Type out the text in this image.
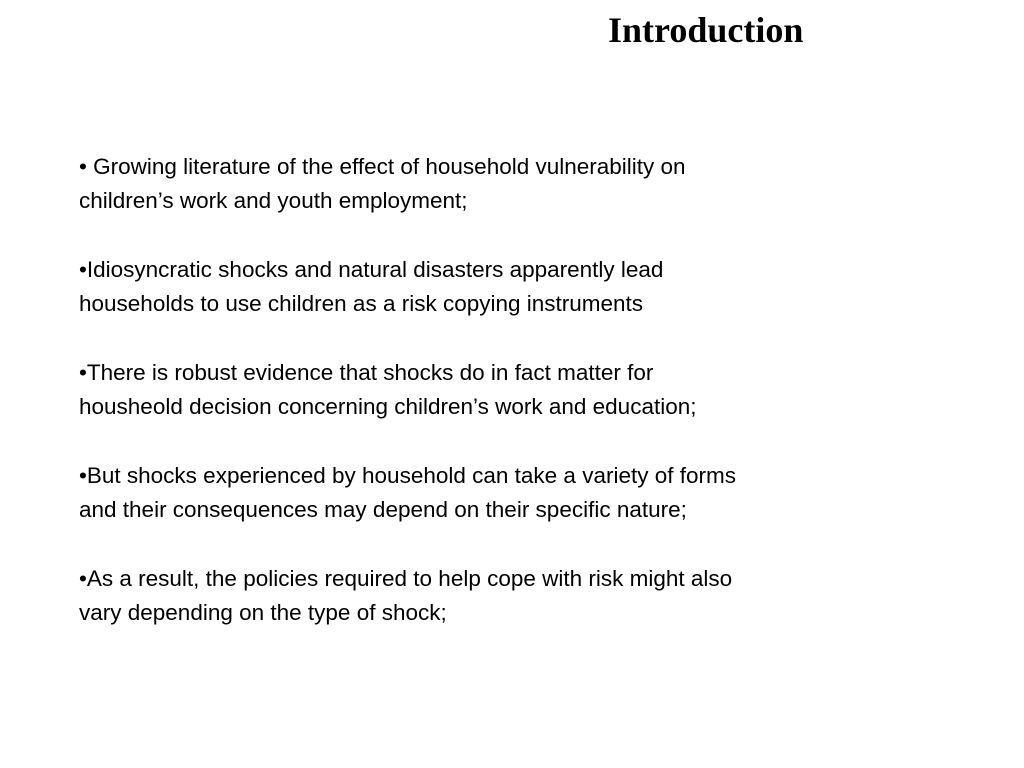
Introduction

• Growing literature of the effect of household vulnerability on
children’s work and youth employment;

•Idiosyncratic shocks and natural disasters apparently lead
households to use children as a risk copying instruments

•There is robust evidence that shocks do in fact matter for
housheold decision concerning children’s work and education;

•But shocks experienced by household can take a variety of forms
and their consequences may depend on their specific nature;

•As a result, the policies required to help cope with risk might also
vary depending on the type of shock;
